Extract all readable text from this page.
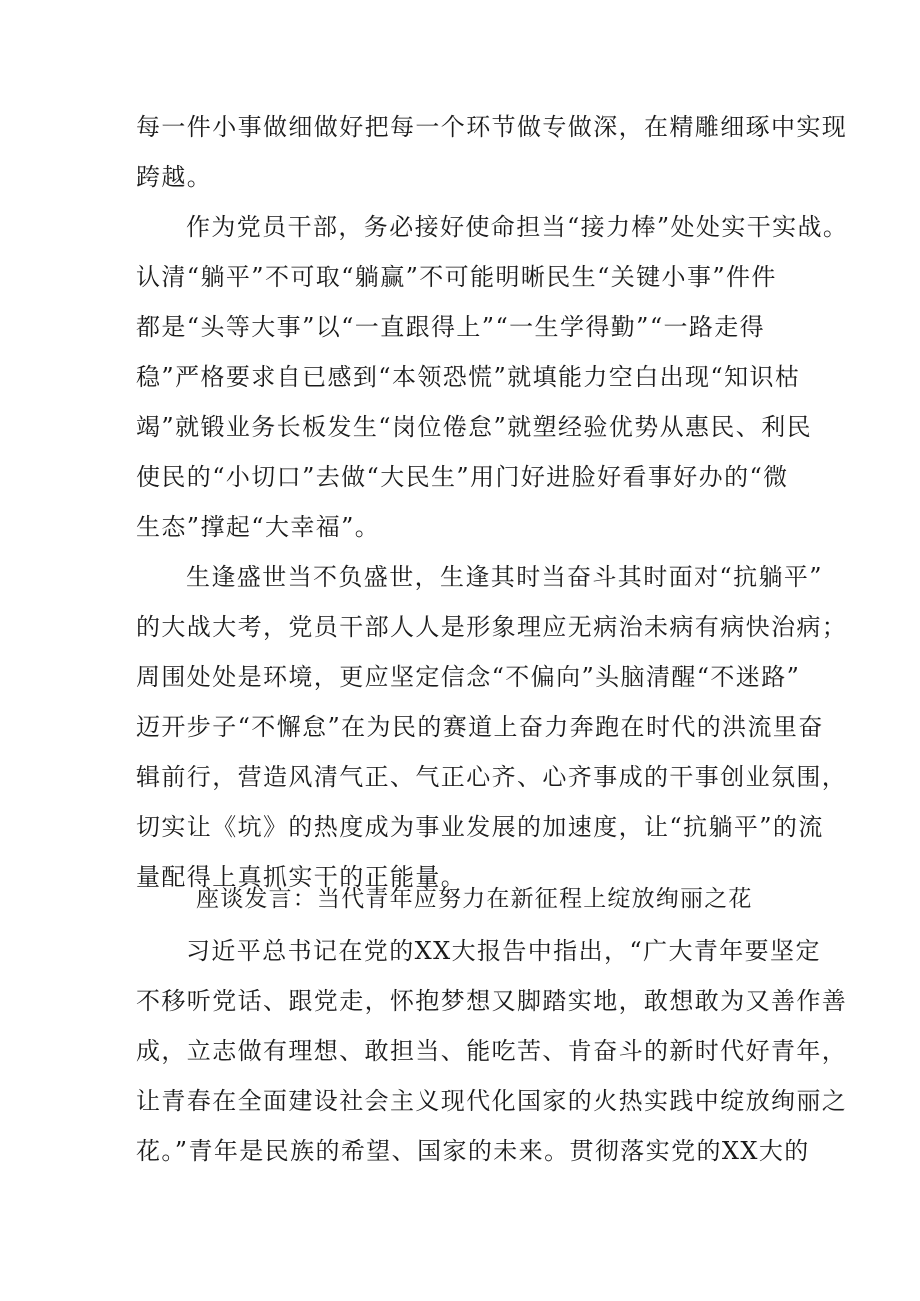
每一件小事做细做好把每一个环节做专做深，在精雕细琢中实现
跨越。
作为党员干部，务必接好使命担当“接力棒”处处实干实战。
认清“躺平”不可取“躺赢”不可能明晰民生“关键小事”件件
都是“头等大事”以“一直跟得上”“一生学得勤”“一路走得
稳”严格要求自已感到“本领恐慌”就填能力空白出现“知识枯
竭”就锻业务长板发生“岗位倦怠”就塑经验优势从惠民、利民
使民的“小切口”去做“大民生”用门好进脸好看事好办的“微
生态”撑起“大幸福”。
生逢盛世当不负盛世，生逢其时当奋斗其时面对“抗躺平”
的大战大考，党员干部人人是形象理应无病治未病有病快治病；
周围处处是环境，更应坚定信念“不偏向”头脑清醒“不迷路”
迈开步子“不懈怠”在为民的赛道上奋力奔跑在时代的洪流里奋
辑前行，营造风清气正、气正心齐、心齐事成的干事创业氛围，
切实让《坑》的热度成为事业发展的加速度，让“抗躺平”的流
量配得上真抓实干的正能量。
座谈发言：当代青年应努力在新征程上绽放绚丽之花
习近平总书记在党的XX大报告中指出，“广大青年要坚定
不移听党话、跟党走，怀抱梦想又脚踏实地，敢想敢为又善作善
成，立志做有理想、敢担当、能吃苦、肯奋斗的新时代好青年，
让青春在全面建设社会主义现代化国家的火热实践中绽放绚丽之
花。”青年是民族的希望、国家的未来。贯彻落实党的XX大的
